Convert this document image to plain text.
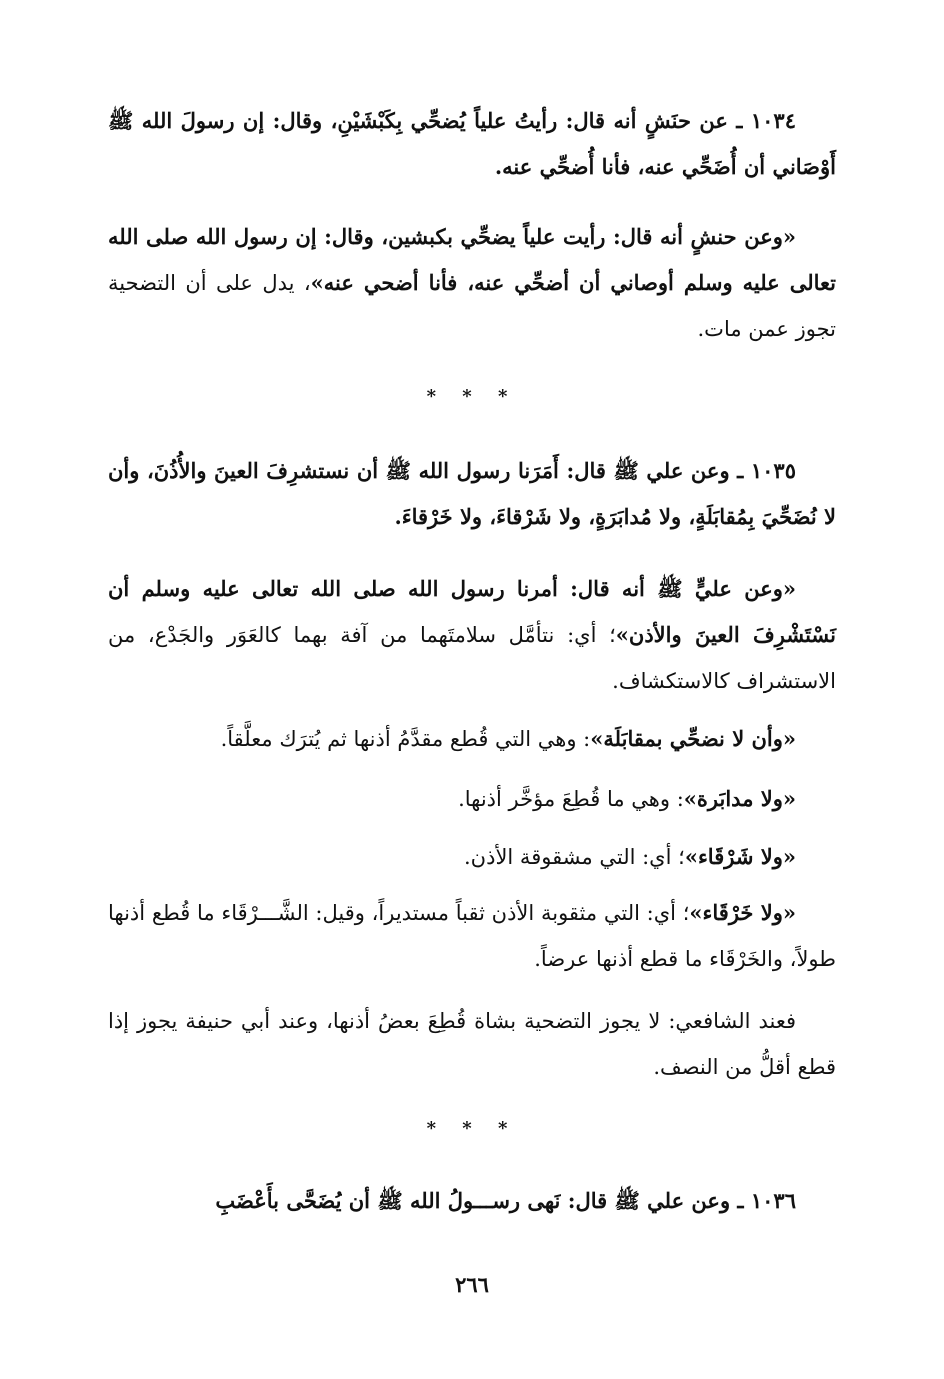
١٠٣٤ ـ عن حنَشٍ أنه قال: رأيتُ علياً يُضحِّي بِكَبْشَيْنِ، وقال: إن رسولَ الله ﷺ أَوْصَاني أن أُضَحِّي عنه، فأنا أُضحِّي عنه.

«وعن حنشٍ أنه قال: رأيت علياً يضحِّي بكبشين، وقال: إن رسول الله صلى الله تعالى عليه وسلم أوصاني أن أضحِّي عنه، فأنا أضحي عنه»، يدل على أن التضحية تجوز عمن مات.

* * *

١٠٣٥ ـ وعن علي ﷺ قال: أَمَرَنا رسول الله ﷺ أن نستشرِفَ العينَ والأُذُنَ، وأن لا نُضَحِّيَ بِمُقابَلَةٍ، ولا مُدابَرَةٍ، ولا شَرْقاءَ، ولا خَرْقاءَ.

«وعن عليٍّ ﷺ أنه قال: أمرنا رسول الله صلى الله تعالى عليه وسلم أن نَسْتَشْرِفَ العينَ والأذن»؛ أي: نتأمَّل سلامتَهما من آفة بهما كالعَوَر والجَدْع، من الاستشراف كالاستكشاف.

«وأن لا نضحِّي بمقابَلَة»: وهي التي قُطع مقدَّمُ أذنها ثم يُترَك معلَّقاً.

«ولا مدابَرة»: وهي ما قُطِعَ مؤخَّر أذنها.

«ولا شَرْقَاء»؛ أي: التي مشقوقة الأذن.

«ولا خَرْقَاء»؛ أي: التي مثقوبة الأذن ثقباً مستديراً، وقيل: الشَّـــرْقَاء ما قُطع أذنها طولاً، والخَرْقَاء ما قطع أذنها عرضاً.

فعند الشافعي: لا يجوز التضحية بشاة قُطِعَ بعضُ أذنها، وعند أبي حنيفة يجوز إذا قطع أقلُّ من النصف.

* * *

١٠٣٦ ـ وعن علي ﷺ قال: نَهى رســـولُ الله ﷺ أن يُضَحَّى بأَعْضَبِ

٢٦٦
